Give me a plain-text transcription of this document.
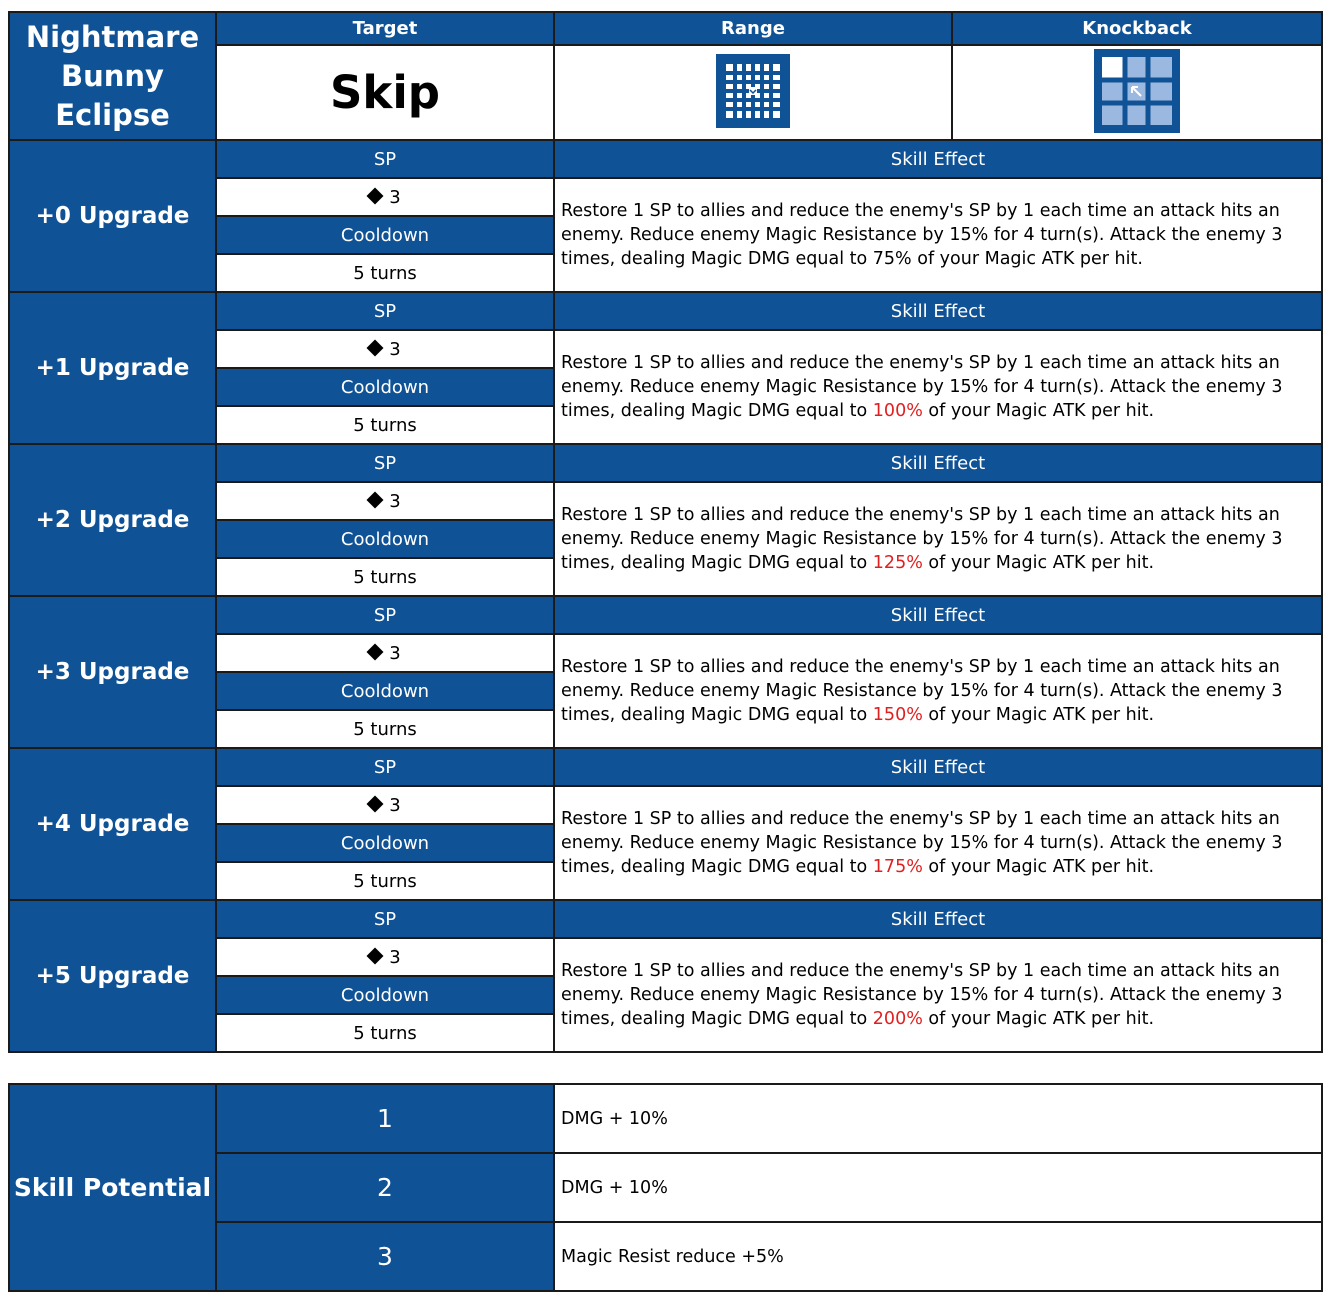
Nightmare
Bunny
Eclipse	Target	Range	Knockback
	Skip		
+0 Upgrade	SP	Skill Effect	
	3	Restore 1 SP to allies and reduce the enemy's SP by 1 each time an attack hits an enemy. Reduce enemy Magic Resistance by 15% for 4 turn(s). Attack the enemy 3 times, dealing Magic DMG equal to 75% of your Magic ATK per hit.	
	Cooldown		
	5 turns		
+1 Upgrade	SP	Skill Effect	
	3	Restore 1 SP to allies and reduce the enemy's SP by 1 each time an attack hits an enemy. Reduce enemy Magic Resistance by 15% for 4 turn(s). Attack the enemy 3 times, dealing Magic DMG equal to 100% of your Magic ATK per hit.	
	Cooldown		
	5 turns		
+2 Upgrade	SP	Skill Effect	
	3	Restore 1 SP to allies and reduce the enemy's SP by 1 each time an attack hits an enemy. Reduce enemy Magic Resistance by 15% for 4 turn(s). Attack the enemy 3 times, dealing Magic DMG equal to 125% of your Magic ATK per hit.	
	Cooldown		
	5 turns		
+3 Upgrade	SP	Skill Effect	
	3	Restore 1 SP to allies and reduce the enemy's SP by 1 each time an attack hits an enemy. Reduce enemy Magic Resistance by 15% for 4 turn(s). Attack the enemy 3 times, dealing Magic DMG equal to 150% of your Magic ATK per hit.	
	Cooldown		
	5 turns		
+4 Upgrade	SP	Skill Effect	
	3	Restore 1 SP to allies and reduce the enemy's SP by 1 each time an attack hits an enemy. Reduce enemy Magic Resistance by 15% for 4 turn(s). Attack the enemy 3 times, dealing Magic DMG equal to 175% of your Magic ATK per hit.	
	Cooldown		
	5 turns		
+5 Upgrade	SP	Skill Effect	
	3	Restore 1 SP to allies and reduce the enemy's SP by 1 each time an attack hits an enemy. Reduce enemy Magic Resistance by 15% for 4 turn(s). Attack the enemy 3 times, dealing Magic DMG equal to 200% of your Magic ATK per hit.	
	Cooldown		
	5 turns		
Skill Potential	1	DMG + 10%
	2	DMG + 10%
	3	Magic Resist reduce +5%
